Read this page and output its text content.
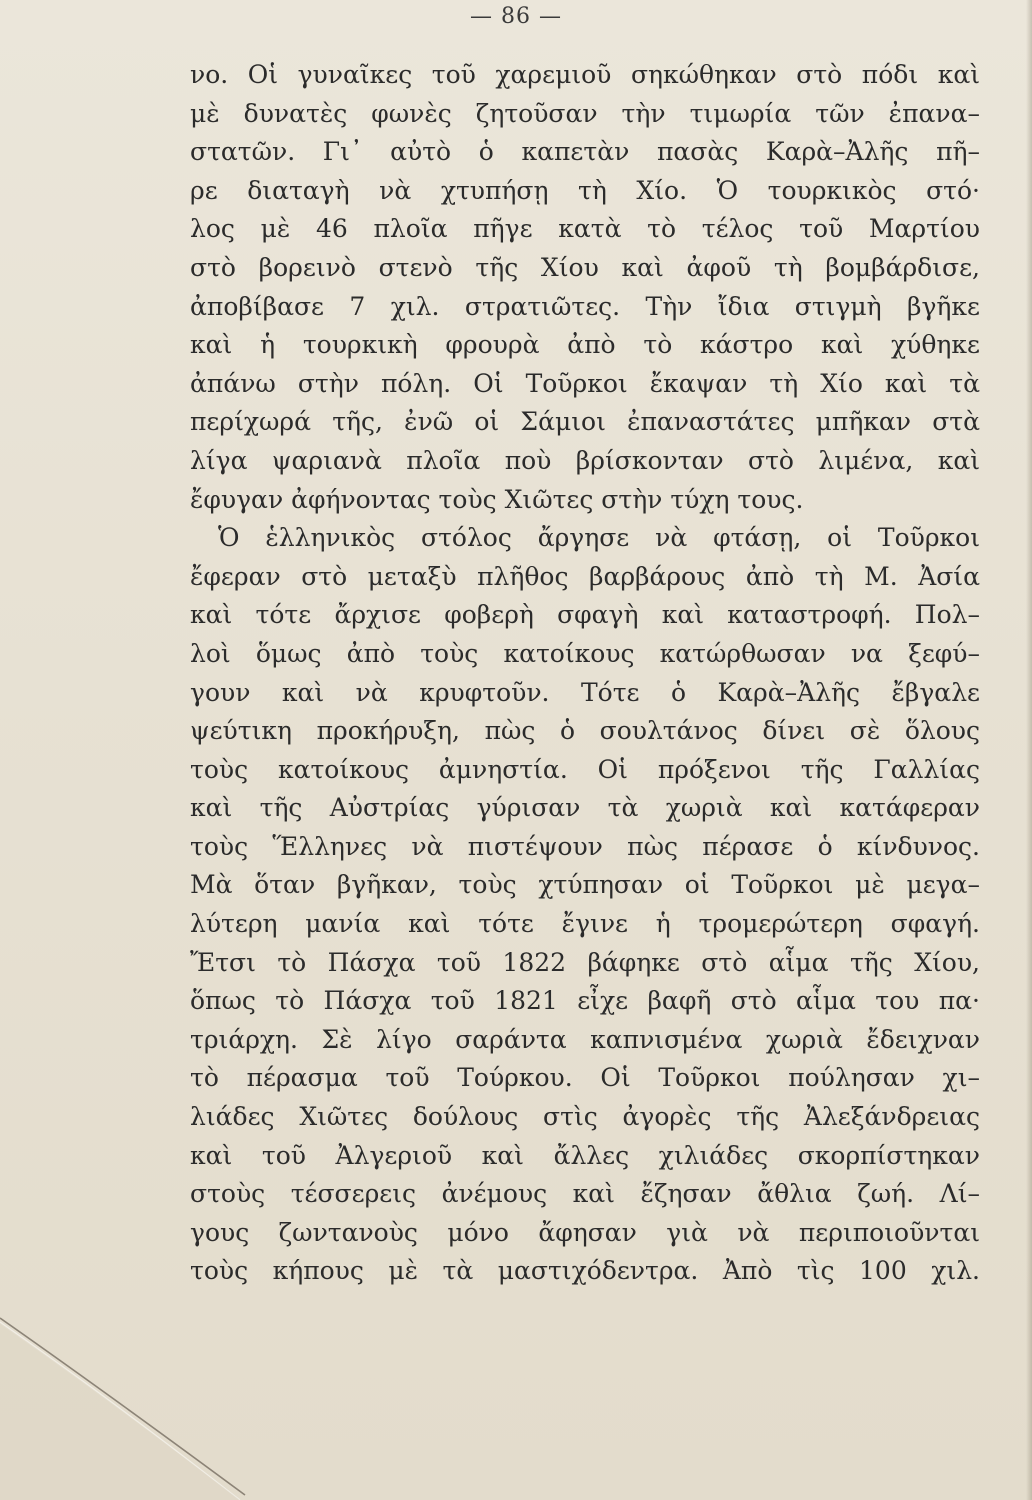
— 86 —
νο. Οἱ γυναῖκες τοῦ χαρεμιοῦ σηκώθηκαν στὸ πόδι καὶ
μὲ δυνατὲς φωνὲς ζητοῦσαν τὴν τιμωρία τῶν ἐπανα–
στατῶν. Γι᾽ αὐτὸ ὁ καπετὰν πασὰς Καρὰ–Ἀλῆς πῆ–
ρε διαταγὴ νὰ χτυπήσῃ τὴ Χίο. Ὁ τουρκικὸς στό·
λος μὲ 46 πλοῖα πῆγε κατὰ τὸ τέλος τοῦ Μαρτίου
στὸ βορεινὸ στενὸ τῆς Χίου καὶ ἀφοῦ τὴ βομβάρδισε,
ἀποβίβασε 7 χιλ. στρατιῶτες. Τὴν ἴδια στιγμὴ βγῆκε
καὶ ἡ τουρκικὴ φρουρὰ ἀπὸ τὸ κάστρο καὶ χύθηκε
ἀπάνω στὴν πόλη. Οἱ Τοῦρκοι ἔκαψαν τὴ Χίο καὶ τὰ
περίχωρά τῆς, ἐνῶ οἱ Σάμιοι ἐπαναστάτες μπῆκαν στὰ
λίγα ψαριανὰ πλοῖα ποὺ βρίσκονταν στὸ λιμένα, καὶ
ἔφυγαν ἀφήνοντας τοὺς Χιῶτες στὴν τύχη τους.
Ὁ ἑλληνικὸς στόλος ἄργησε νὰ φτάσῃ, οἱ Τοῦρκοι
ἔφεραν στὸ μεταξὺ πλῆθος βαρβάρους ἀπὸ τὴ Μ. Ἀσία
καὶ τότε ἄρχισε φοβερὴ σφαγὴ καὶ καταστροφή. Πολ–
λοὶ ὅμως ἀπὸ τοὺς κατοίκους κατώρθωσαν να ξεφύ–
γουν καὶ νὰ κρυφτοῦν. Τότε ὁ Καρὰ–Ἀλῆς ἔβγαλε
ψεύτικη προκήρυξη, πὼς ὁ σουλτάνος δίνει σὲ ὅλους
τοὺς κατοίκους ἀμνηστία. Οἱ πρόξενοι τῆς Γαλλίας
καὶ τῆς Αὐστρίας γύρισαν τὰ χωριὰ καὶ κατάφεραν
τοὺς Ἕλληνες νὰ πιστέψουν πὼς πέρασε ὁ κίνδυνος.
Μὰ ὅταν βγῆκαν, τοὺς χτύπησαν οἱ Τοῦρκοι μὲ μεγα–
λύτερη μανία καὶ τότε ἔγινε ἡ τρομερώτερη σφαγή.
Ἔτσι τὸ Πάσχα τοῦ 1822 βάφηκε στὸ αἷμα τῆς Χίου,
ὅπως τὸ Πάσχα τοῦ 1821 εἶχε βαφῆ στὸ αἷμα του πα·
τριάρχη. Σὲ λίγο σαράντα καπνισμένα χωριὰ ἔδειχναν
τὸ πέρασμα τοῦ Τούρκου. Οἱ Τοῦρκοι πούλησαν χι–
λιάδες Χιῶτες δούλους στὶς ἀγορὲς τῆς Ἀλεξάνδρειας
καὶ τοῦ Ἀλγεριοῦ καὶ ἄλλες χιλιάδες σκορπίστηκαν
στοὺς τέσσερεις ἀνέμους καὶ ἔζησαν ἄθλια ζωή. Λί–
γους ζωντανοὺς μόνο ἄφησαν γιὰ νὰ περιποιοῦνται
τοὺς κήπους μὲ τὰ μαστιχόδεντρα. Ἀπὸ τὶς 100 χιλ.
